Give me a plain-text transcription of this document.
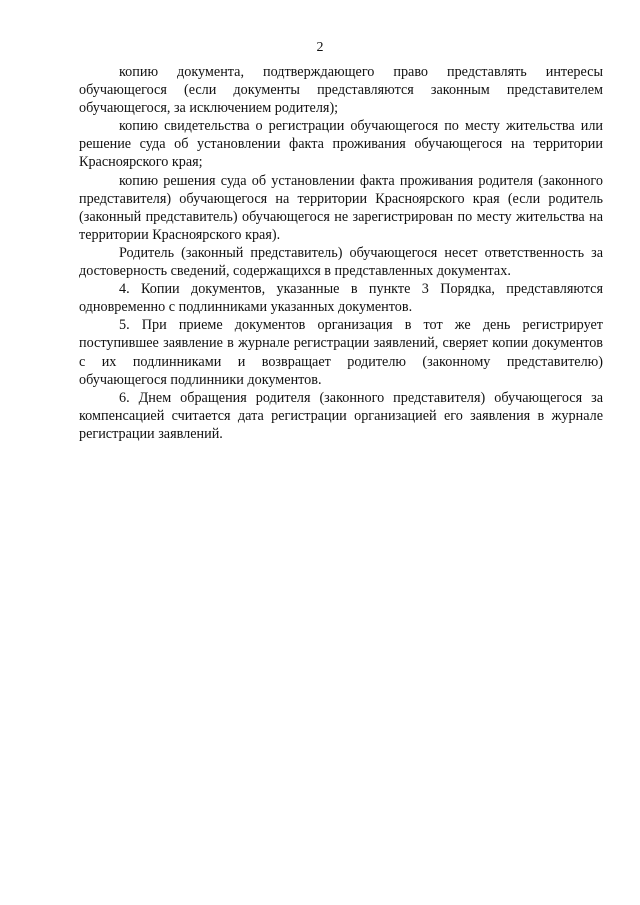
2

копию документа, подтверждающего право представлять интересы обучающегося (если документы представляются законным представителем обучающегося, за исключением родителя);

копию свидетельства о регистрации обучающегося по месту жительства или решение суда об установлении факта проживания обучающегося на территории Красноярского края;

копию решения суда об установлении факта проживания родителя (законного представителя) обучающегося на территории Красноярского края (если родитель (законный представитель) обучающегося не зарегистрирован по месту жительства на территории Красноярского края).

Родитель (законный представитель) обучающегося несет ответственность за достоверность сведений, содержащихся в представленных документах.

4. Копии документов, указанные в пункте 3 Порядка, представляются одновременно с подлинниками указанных документов.

5. При приеме документов организация в тот же день регистрирует поступившее заявление в журнале регистрации заявлений, сверяет копии документов с их подлинниками и возвращает родителю (законному представителю) обучающегося подлинники документов.

6. Днем обращения родителя (законного представителя) обучающегося за компенсацией считается дата регистрации организацией его заявления в журнале регистрации заявлений.
